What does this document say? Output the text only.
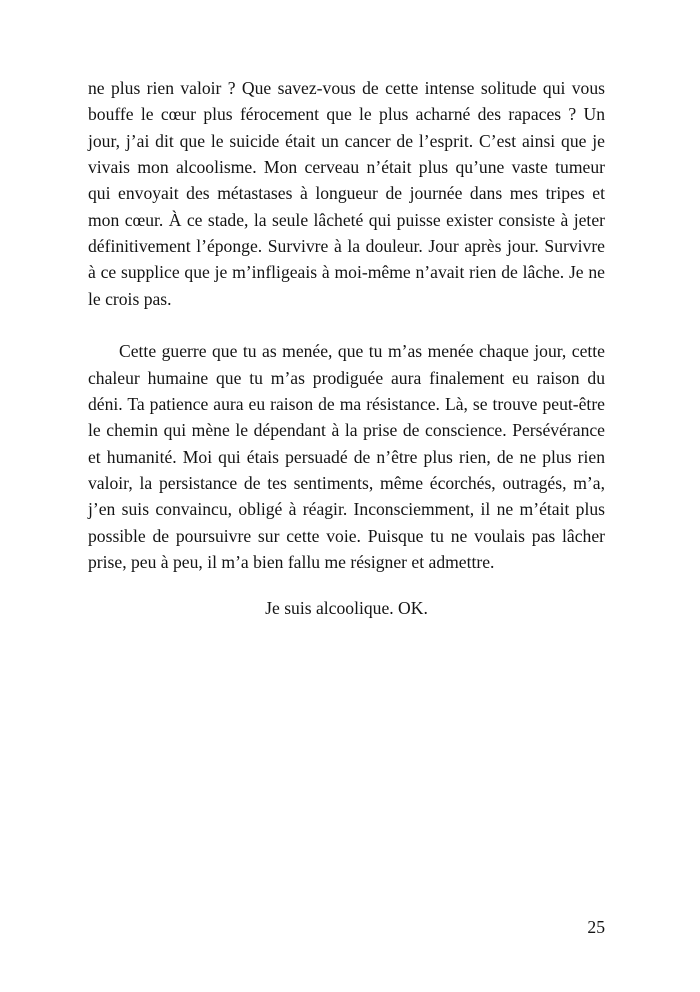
ne plus rien valoir ? Que savez-vous de cette intense solitude qui vous bouffe le cœur plus férocement que le plus acharné des rapaces ? Un jour, j’ai dit que le suicide était un cancer de l’esprit. C’est ainsi que je vivais mon alcoolisme. Mon cerveau n’était plus qu’une vaste tumeur qui envoyait des métastases à longueur de journée dans mes tripes et mon cœur. À ce stade, la seule lâcheté qui puisse exister consiste à jeter définitivement l’éponge. Survivre à la douleur. Jour après jour. Survivre à ce supplice que je m’infligeais à moi-même n’avait rien de lâche. Je ne le crois pas.

Cette guerre que tu as menée, que tu m’as menée chaque jour, cette chaleur humaine que tu m’as prodiguée aura finalement eu raison du déni. Ta patience aura eu raison de ma résistance. Là, se trouve peut-être le chemin qui mène le dépendant à la prise de conscience. Persévérance et humanité. Moi qui étais persuadé de n’être plus rien, de ne plus rien valoir, la persistance de tes sentiments, même écorchés, outragés, m’a, j’en suis convaincu, obligé à réagir. Inconsciemment, il ne m’était plus possible de poursuivre sur cette voie. Puisque tu ne voulais pas lâcher prise, peu à peu, il m’a bien fallu me résigner et admettre.

Je suis alcoolique. OK.

25
